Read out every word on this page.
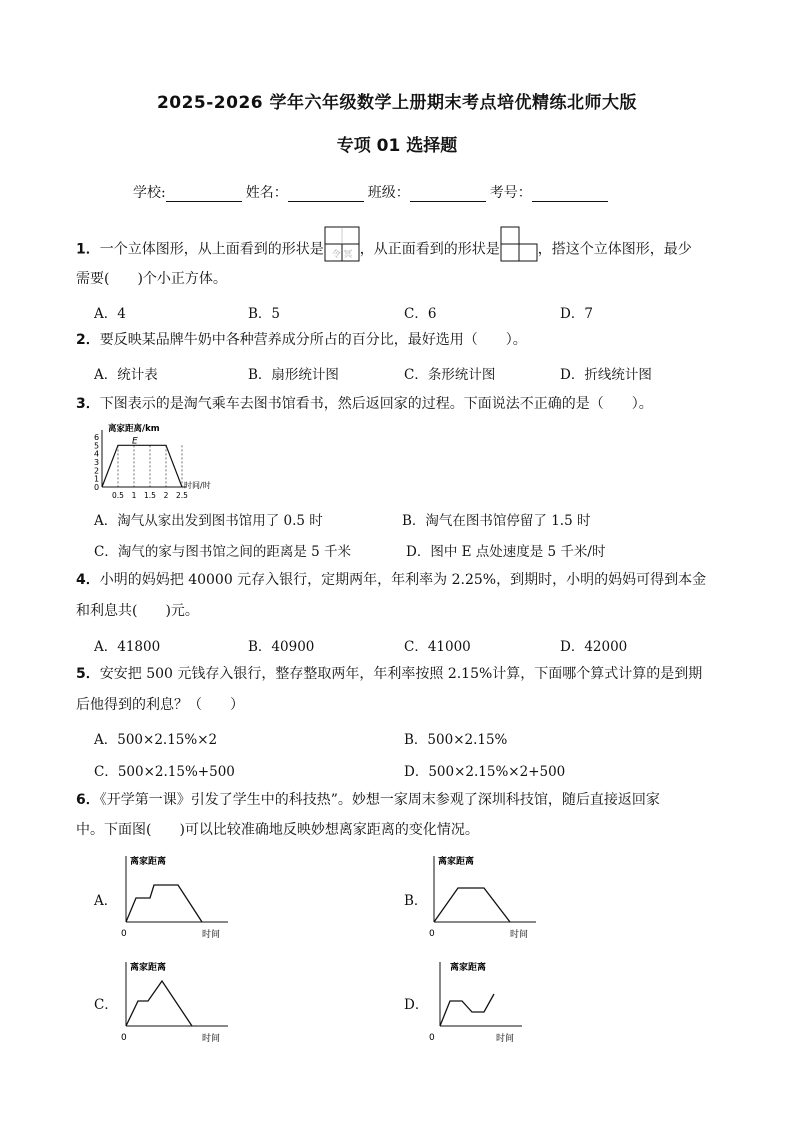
2025-2026 学年六年级数学上册期末考点培优精练北师大版
专项 01 选择题
学校:	姓名：	班级：	考号：
1．一个立体图形，从上面看到的形状是 令 冥 ，从正面看到的形状是	，搭这个立体图形，最少
需要(　　)个小正方体。
A．4	B．5	C．6	D．7
2．要反映某品牌牛奶中各种营养成分所占的百分比，最好选用（　　）。
A．统计表	B．扇形统计图	C．条形统计图	D．折线统计图
3．下图表示的是淘气乘车去图书馆看书，然后返回家的过程。下面说法不正确的是（　　）。
离家距离/km
时间/时
6
5
4
3
2
1
0
0.5 1 1.5 2 2.5
E
A．淘气从家出发到图书馆用了 0.5 时	B．淘气在图书馆停留了 1.5 时
C．淘气的家与图书馆之间的距离是 5 千米	D．图中 E 点处速度是 5 千米/时
4．小明的妈妈把 40000 元存入银行，定期两年，年利率为 2.25%，到期时，小明的妈妈可得到本金
和利息共(　　)元。
A．41800	B．40900	C．41000	D．42000
5．安安把 500 元钱存入银行，整存整取两年，年利率按照 2.15%计算，下面哪个算式计算的是到期
后他得到的利息？（　　）
A．500×2.15%×2	B．500×2.15%
C．500×2.15%+500	D．500×2.15%×2+500
6．《开学第一课》引发了学生中的科技热”。妙想一家周末参观了深圳科技馆，随后直接返回家
中。下面图(　　)可以比较准确地反映妙想离家距离的变化情况。
A．
离家距离
0	时间
B．
离家距离
0	时间
C．
离家距离
0	时间
D．
离家距离
0	时间
